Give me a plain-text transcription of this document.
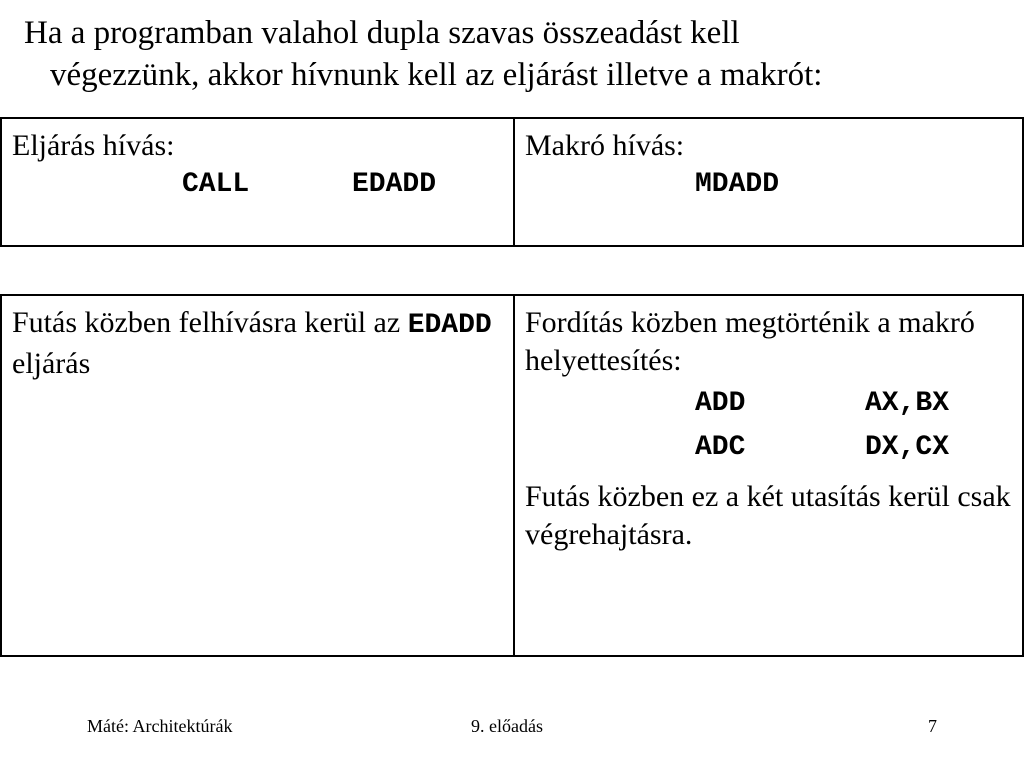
Ha a programban valahol dupla szavas összeadást kell
végezzünk, akkor hívnunk kell az eljárást illetve a makrót:
Eljárás hívás:
CALL	EDADD

Makró hívás:
MDADD
Futás közben felhívásra kerül az EDADD eljárás	
Fordítás közben megtörténik a makró helyettesítés:
ADD	AX,BX
ADC	DX,CX
Futás közben ez a két utasítás kerül csak végrehajtásra.
Máté: Architektúrák	9. előadás	7
